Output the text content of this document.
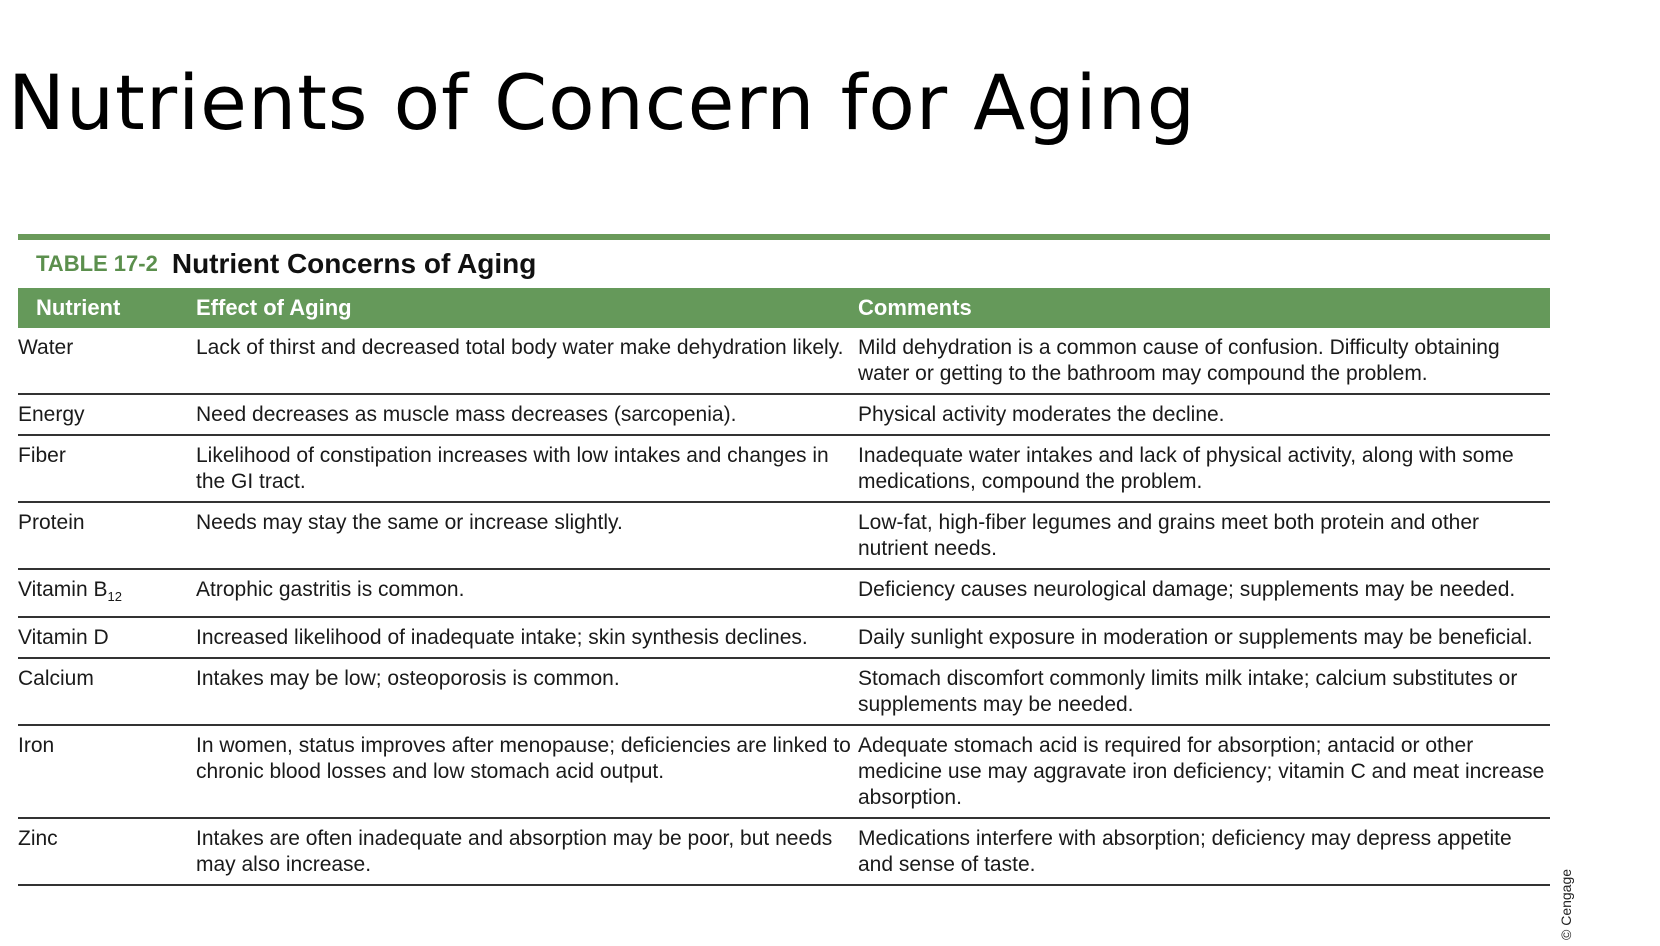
Nutrients of Concern for Aging
TABLE 17-2 Nutrient Concerns of Aging
Nutrient	Effect of Aging	Comments
Water	Lack of thirst and decreased total body water make dehydration likely.	Mild dehydration is a common cause of confusion. Difficulty obtaining water or getting to the bathroom may compound the problem.
Energy	Need decreases as muscle mass decreases (sarcopenia).	Physical activity moderates the decline.
Fiber	Likelihood of constipation increases with low intakes and changes in the GI tract.	Inadequate water intakes and lack of physical activity, along with some medications, compound the problem.
Protein	Needs may stay the same or increase slightly.	Low-fat, high-fiber legumes and grains meet both protein and other nutrient needs.
Vitamin $B_{12}$	Atrophic gastritis is common.	Deficiency causes neurological damage; supplements may be needed.
Vitamin D	Increased likelihood of inadequate intake; skin synthesis declines.	Daily sunlight exposure in moderation or supplements may be beneficial.
Calcium	Intakes may be low; osteoporosis is common.	Stomach discomfort commonly limits milk intake; calcium substitutes or supplements may be needed.
Iron	In women, status improves after menopause; deficiencies are linked to chronic blood losses and low stomach acid output.	Adequate stomach acid is required for absorption; antacid or other medicine use may aggravate iron deficiency; vitamin C and meat increase absorption.
Zinc	Intakes are often inadequate and absorption may be poor, but needs may also increase.	Medications interfere with absorption; deficiency may depress appetite and sense of taste.
© Cengage
